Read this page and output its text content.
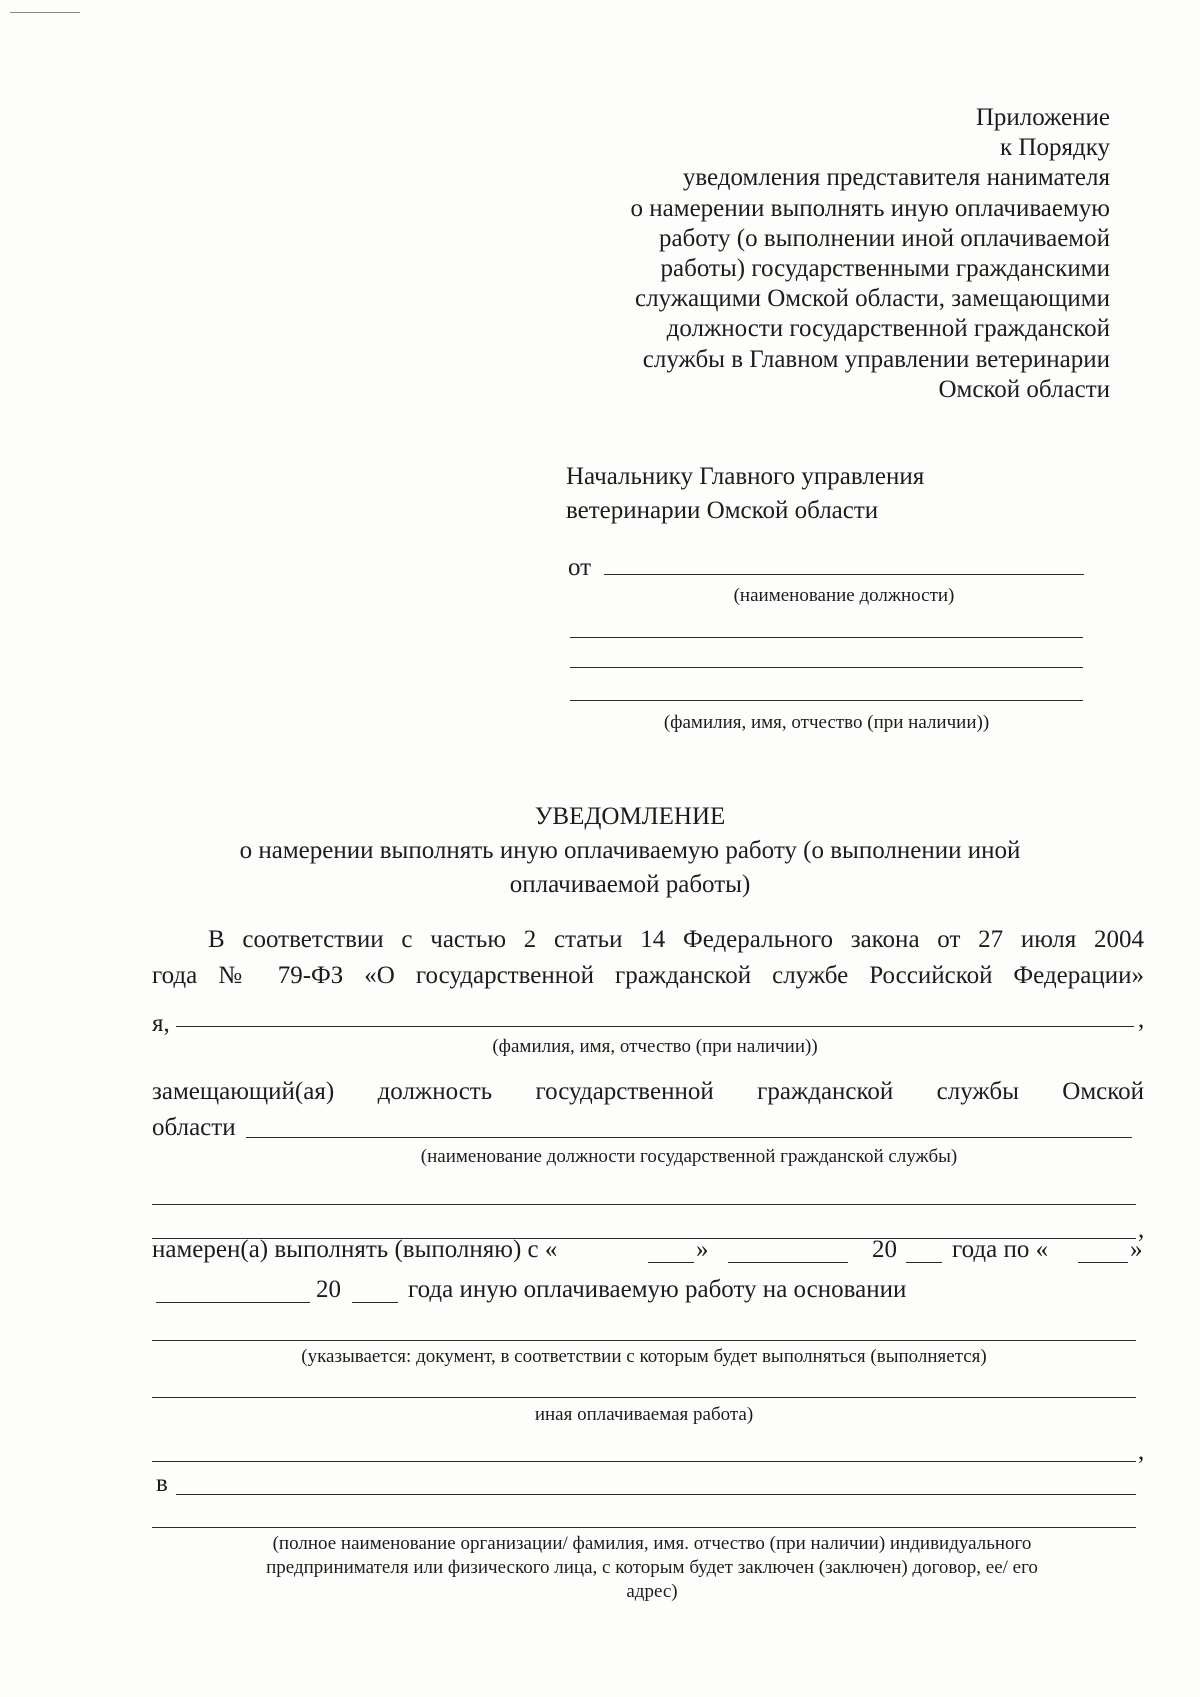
Приложение
к Порядку
уведомления представителя нанимателя
о намерении выполнять иную оплачиваемую
работу (о выполнении иной оплачиваемой
работы) государственными гражданскими
служащими Омской области, замещающими
должности государственной гражданской
службы в Главном управлении ветеринарии
Омской области
Начальнику Главного управления
ветеринарии Омской области
от
(наименование должности)
(фамилия, имя, отчество (при наличии))
УВЕДОМЛЕНИЕ
о намерении выполнять иную оплачиваемую работу (о выполнении иной
оплачиваемой работы)
В соответствии с частью 2 статьи 14 Федерального закона от 27 июля 2004
года № 79-ФЗ «О государственной гражданской службе Российской Федерации»
я,	,
(фамилия, имя, отчество (при наличии))
замещающий(ая) должность государственной гражданской службы Омской
области
(наименование должности государственной гражданской службы)
,
намерен(а) выполнять (выполняю) с «	»	20 года по «	»
20	года иную оплачиваемую работу на основании
(указывается: документ, в соответствии с которым будет выполняться (выполняется)
иная оплачиваемая работа)
,
в
(полное наименование организации/ фамилия, имя. отчество (при наличии) индивидуального
предпринимателя или физического лица, с которым будет заключен (заключен) договор, ее/ его
адрес)
